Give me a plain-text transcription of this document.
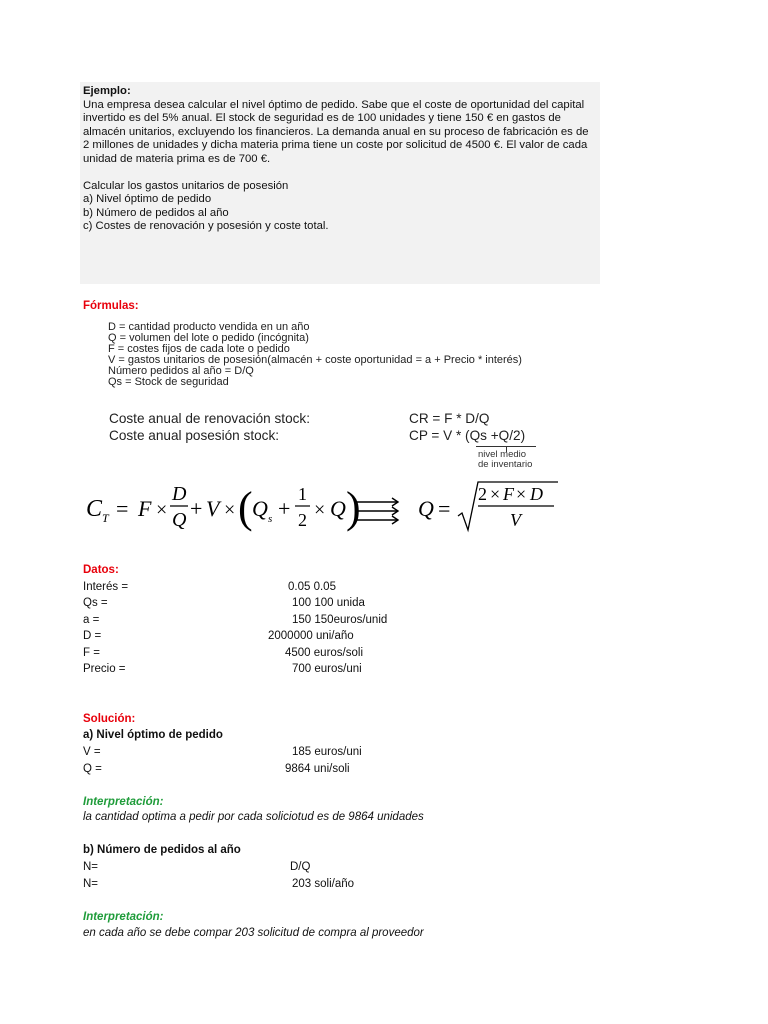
Ejemplo:
Una empresa desea calcular el nivel óptimo de pedido. Sabe que el coste de oportunidad del capital
invertido es del 5% anual. El stock de seguridad es de 100 unidades y tiene 150 € en gastos de
almacén unitarios, excluyendo los financieros. La demanda anual en su proceso de fabricación es de
2 millones de unidades y dicha materia prima tiene un coste por solicitud de 4500 €. El valor de cada
unidad de materia prima es de 700 €.
Calcular los gastos unitarios de posesión
a) Nivel óptimo de pedido
b) Número de pedidos al año
c) Costes de renovación y posesión y coste total.
Fórmulas:
D = cantidad producto vendida en un año
Q = volumen del lote o pedido (incógnita)
F = costes fijos de cada lote o pedido
V = gastos unitarios de posesión(almacén + coste oportunidad = a + Precio * interés)
Número pedidos al año = D/Q
Qs = Stock de seguridad
Coste anual de renovación stock:	CR = F * D/Q
Coste anual posesión stock:	CP = V * (Qs +Q/2)
nivel medio
de inventario
C T = F ×
D
Q + V × ( Q s +
1
2 × Q )	Q =
2 × F × D
V
Datos:
Interés =	0.05 0.05
Qs =	100 100 unida
a =	150 150euros/unid
D =	2000000 uni/año
F =	4500 euros/soli
Precio =	700 euros/uni
Solución:
a) Nivel óptimo de pedido
V =	185 euros/uni
Q =	9864 uni/soli
Interpretación:
la cantidad optima a pedir por cada soliciotud es de 9864 unidades
b) Número de pedidos al año
N=	D/Q
N=	203 soli/año
Interpretación:
en cada año se debe compar 203 solicitud de compra al proveedor
